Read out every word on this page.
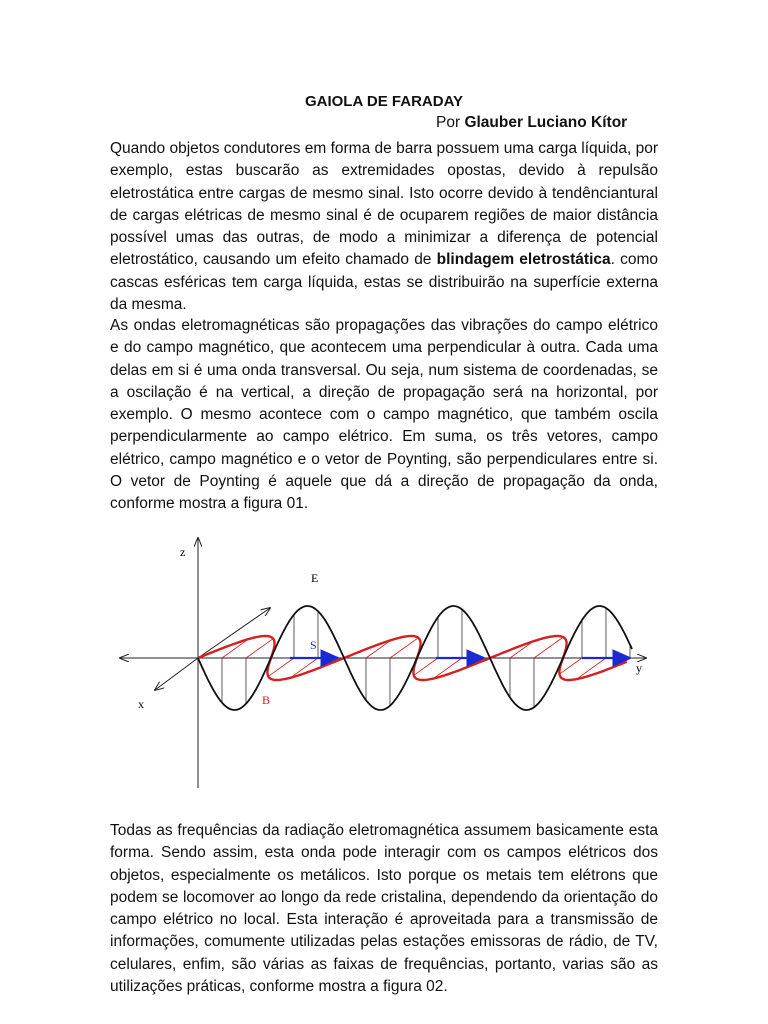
GAIOLA DE FARADAY
Por Glauber Luciano Kítor

Quando objetos condutores em forma de barra possuem uma carga líquida, por exemplo, estas buscarão as extremidades opostas, devido à repulsão eletrostática entre cargas de mesmo sinal. Isto ocorre devido à tendênciantural de cargas elétricas de mesmo sinal é de ocuparem regiões de maior distância possível umas das outras, de modo a minimizar a diferença de potencial eletrostático, causando um efeito chamado de blindagem eletrostática. como cascas esféricas tem carga líquida, estas se distribuirão na superfície externa da mesma.

As ondas eletromagnéticas são propagações das vibrações do campo elétrico e do campo magnético, que acontecem uma perpendicular à outra. Cada uma delas em si é uma onda transversal. Ou seja, num sistema de coordenadas, se a oscilação é na vertical, a direção de propagação será na horizontal, por exemplo. O mesmo acontece com o campo magnético, que também oscila perpendicularmente ao campo elétrico. Em suma, os três vetores, campo elétrico, campo magnético e o vetor de Poynting, são perpendiculares entre si. O vetor de Poynting é aquele que dá a direção de propagação da onda, conforme mostra a figura 01.

z
y
x
E
S
B

Todas as frequências da radiação eletromagnética assumem basicamente esta forma. Sendo assim, esta onda pode interagir com os campos elétricos dos objetos, especialmente os metálicos. Isto porque os metais tem elétrons que podem se locomover ao longo da rede cristalina, dependendo da orientação do campo elétrico no local. Esta interação é aproveitada para a transmissão de informações, comumente utilizadas pelas estações emissoras de rádio, de TV, celulares, enfim, são várias as faixas de frequências, portanto, varias são as utilizações práticas, conforme mostra a figura 02.
